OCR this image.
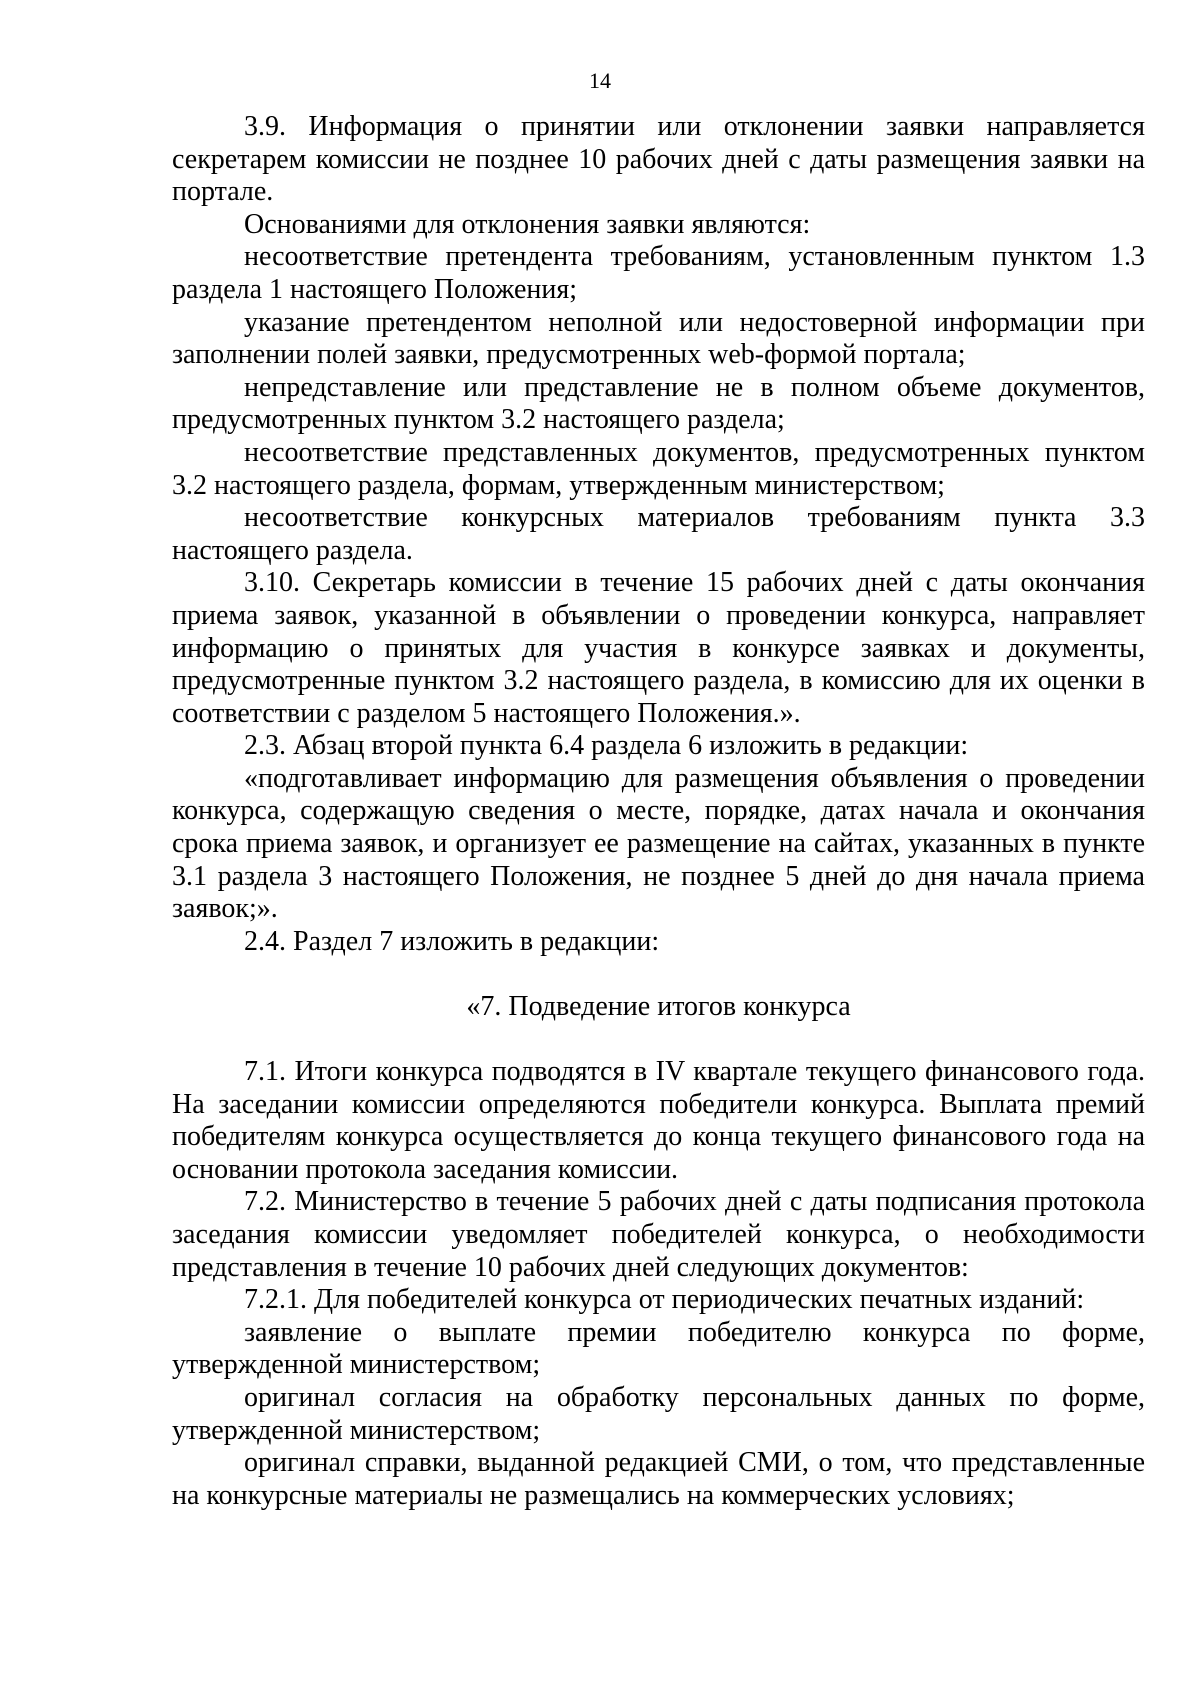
14

3.9. Информация о принятии или отклонении заявки направляется секретарем комиссии не позднее 10 рабочих дней с даты размещения заявки на портале.

Основаниями для отклонения заявки являются:

несоответствие претендента требованиям, установленным пунктом 1.3 раздела 1 настоящего Положения;

указание претендентом неполной или недостоверной информации при заполнении полей заявки, предусмотренных web-формой портала;

непредставление или представление не в полном объеме документов, предусмотренных пунктом 3.2 настоящего раздела;

несоответствие представленных документов, предусмотренных пунктом 3.2 настоящего раздела, формам, утвержденным министерством;

несоответствие конкурсных материалов требованиям пункта 3.3 настоящего раздела.

3.10. Секретарь комиссии в течение 15 рабочих дней с даты окончания приема заявок, указанной в объявлении о проведении конкурса, направляет информацию о принятых для участия в конкурсе заявках и документы, предусмотренные пунктом 3.2 настоящего раздела, в комиссию для их оценки в соответствии с разделом 5 настоящего Положения.».

2.3. Абзац второй пункта 6.4 раздела 6 изложить в редакции:

«подготавливает информацию для размещения объявления о проведении конкурса, содержащую сведения о месте, порядке, датах начала и окончания срока приема заявок, и организует ее размещение на сайтах, указанных в пункте 3.1 раздела 3 настоящего Положения, не позднее 5 дней до дня начала приема заявок;».

2.4. Раздел 7 изложить в редакции:

«7. Подведение итогов конкурса

7.1. Итоги конкурса подводятся в IV квартале текущего финансового года. На заседании комиссии определяются победители конкурса. Выплата премий победителям конкурса осуществляется до конца текущего финансового года на основании протокола заседания комиссии.

7.2. Министерство в течение 5 рабочих дней с даты подписания протокола заседания комиссии уведомляет победителей конкурса, о необходимости представления в течение 10 рабочих дней следующих документов:

7.2.1. Для победителей конкурса от периодических печатных изданий:

заявление о выплате премии победителю конкурса по форме, утвержденной министерством;

оригинал согласия на обработку персональных данных по форме, утвержденной министерством;

оригинал справки, выданной редакцией СМИ, о том, что представленные на конкурсные материалы не размещались на коммерческих условиях;
